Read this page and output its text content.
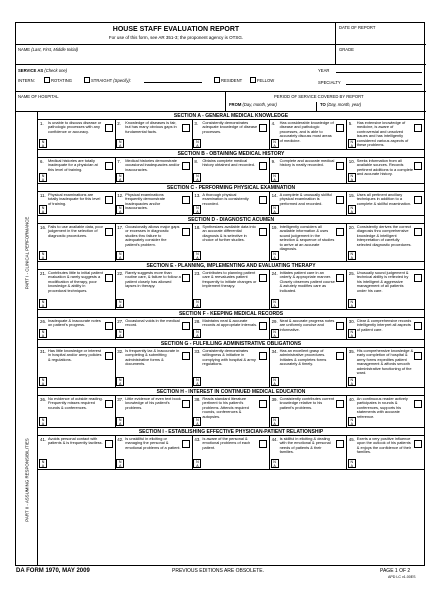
HOUSE STAFF EVALUATION REPORT
For use of this form, see AR 351-3; the proponent agency is OTSG.
DATE OF REPORT
NAME (Last, First, Middle Initial)	GRADE
SERVICE AS (Check one)
INTERN:	ROTATING	STRAIGHT (Specify):	RESIDENT	FELLOW
YEAR
SPECIALTY
NAME OF HOSPITAL	PERIOD OF SERVICE COVERED BY REPORT
FROM (Day, month, year)	TO (Day, month, year)
PART I - CLINICAL PERFORMANCE
PART II - ASSUMING RESPONSIBILITIES
SECTION A - GENERAL MEDICAL KNOWLEDGE
1. Is unable to discuss disease or pathologic processes with any confidence or accuracy.
N
A
2. Knowledge of diseases is fair, but has many obvious gaps in fundamental facts.
N
A
3. Consistently demonstrates adequate knowledge of disease processes.
N
A
4. Has considerable knowledge of disease and pathologic processes, and is able to accurately discuss most areas of medicine.
N
A
5. Has extensive knowledge of medicine, is aware of controversial and unsolved issues and has intelligently considered various aspects of these problems.
N
A
SECTION B - OBTAINING MEDICAL HISTORY
6. Medical histories are totally inadequate for a physician at this level of training.
N
A
7. Medical histories demonstrate occasional inadequacies and/or inaccuracies.
N
A
8. Obtains complete medical history obtained and recorded.
N
A
9. Complete and accurate medical history is neatly recorded.
N
A
10. Seeks information from all available sources. Records pertinent additions to a complete and accurate history.
N
A
SECTION C - PERFORMING PHYSICAL EXAMINATION
11. Physical examinations are totally inadequate for this level of training.
N
A
12. Physical examinations frequently demonstrate inadequacies and/or inaccuracies.
N
A
13. A thorough physical examination is consistently recorded.
N
A
14. A complete & unusually skillful physical examination is performed and recorded.
N
A
15. Uses all pertinent ancillary techniques in addition to a complete & skillful examination.
N
A
SECTION D - DIAGNOSTIC ACUMEN
16. Fails to use available data, poor judgement in the selection of diagnostic procedures.
N
A
17. Occasionally allows major gaps or excesses in diagnostic studies thru failure to adequately consider the patient's problem.
N
A
18. Synthesizes available data into an accurate differential diagnosis & is selective in choice of further studies.
N
A
19. Intelligently considers all available information & uses sound judgement in the selection & sequence of studies to arrive at an accurate diagnosis.
N
A
20. Consistently derives the correct diagnosis thru comprehensive knowledge & intelligent interpretation of carefully selected diagnostic procedures.
N
A
SECTION E - PLANNING, IMPLEMENTING AND EVALUATING THERAPY
21. Contributes little to initial patient evaluation & rarely suggests a modification of therapy, poor knowledge & ability in procedural techniques.
N
A
22. Rarely suggests more than routine care, & failure to follow a patient closely has allowed lapses in therapy.
N
A
23. Contributes to planning patient care & reevaluates patient frequently to initiate changes or implement therapy.
N
A
24. Initiates patient care in an orderly & appropriate manner. Closely observes patient course & astutely modifies care as indicated.
N
A
25. Unusually sound judgement & technical ability is reflected by his intelligent & aggressive management of all patients under his care.
N
A
SECTION F - KEEPING MEDICAL RECORDS
26. Inadequate & inaccurate notes on patient's progress.
N
A
27. Occasional voids in the medical record.
N
A
28. Maintains neat & accurate records at appropriate intervals.
N
A
29. Neat & accurate progress notes are uniformly concise and informative.
N
A
30. Clear & comprehensive records intelligently interpret all aspects of patient care.
N
A
SECTION G - FULFILLING ADMINISTRATIVE OBLIGATIONS
31. Has little knowledge or interest in hospital and/or army policies & regulations.
N
A
32. Is frequently lax & inaccurate in completing & submitting administrative forms & documents.
N
A
33. Consistently demonstrates willingness & initiative in complying with hospital & army regulations.
N
A
34. Has an excellent grasp of administrative procedures. Initiates & completes forms accurately & timely.
N
A
35. His comprehensive knowledge & early completion of hospital & army forms expedites patient management & affords smooth administrative functioning of the ward.
N
A
SECTION H - INTEREST IN CONTINUED MEDICAL EDUCATION
36. No evidence of outside reading. Frequently misses required rounds & conferences.
N
A
37. Little evidence of even text book knowledge of his patient's problems.
N
A
38. Reads standard literature pertinent to his patient's problems. Attends required rounds, conferences & autopsies.
N
A
39. Consistently contributes current knowledge relative to his patient's problems.
N
A
40. An continuous reader actively participates in rounds & conferences, supports his statements with accurate reference.
N
A
SECTION I - ESTABLISHING EFFECTIVE PHYSICIAN-PATIENT RELATIONSHIP
41. Avoids personal contact with patients & is frequently tactless.
N
A
42. Is unskillful in eliciting or managing the personal & emotional problems of a patient.
N
A
43. Is aware of the personal & emotional problems of each patient.
N
A
44. Is skillful in eliciting & dealing with the emotional & personal needs of patients & their families.
N
A
45. Exerts a very positive influence upon the outlook of his patients & enjoys the confidence of their families.
N
A
DA FORM 1970, MAY 2009	PREVIOUS EDITIONS ARE OBSOLETE.	PAGE 1 OF 2
APD LC v1.00ES
